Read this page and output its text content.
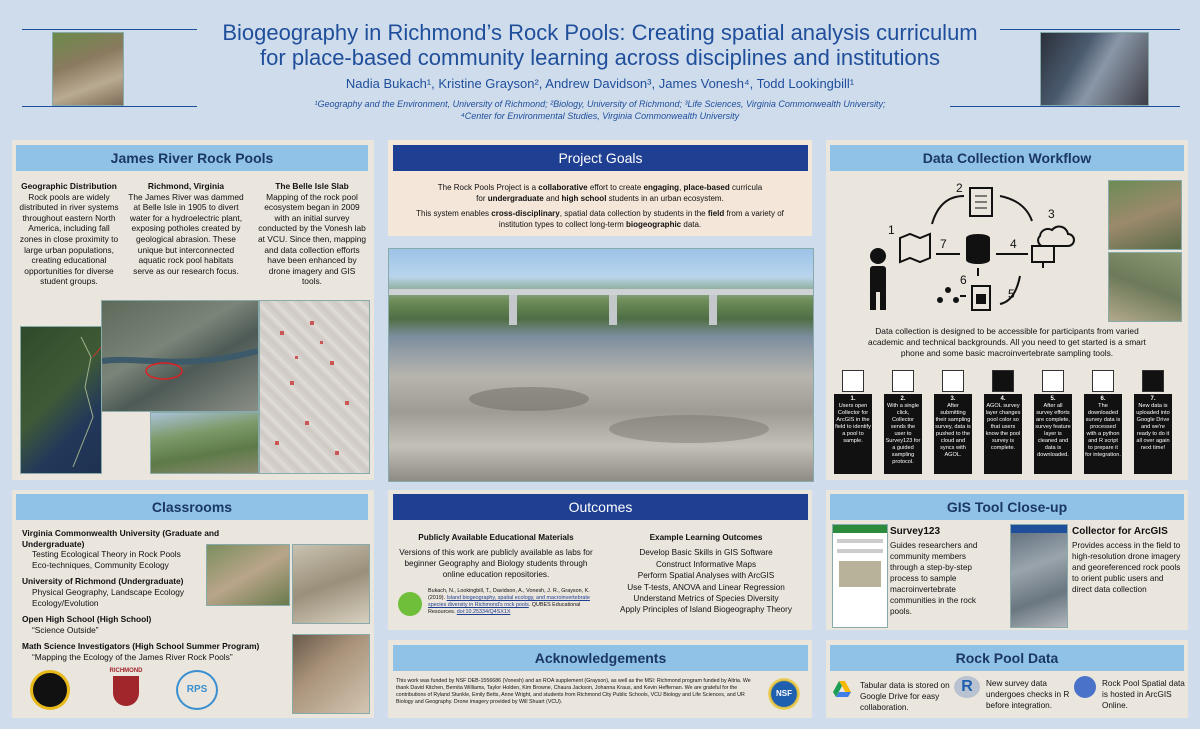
Biogeography in Richmond’s Rock Pools: Creating spatial analysis curriculum
for place-based community learning across disciplines and institutions
Nadia Bukach¹, Kristine Grayson², Andrew Davidson³, James Vonesh⁴, Todd Lookingbill¹
¹Geography and the Environment, University of Richmond; ²Biology, University of Richmond; ³Life Sciences, Virginia Commonwealth University;
⁴Center for Environmental Studies, Virginia Commonwealth University
James River Rock Pools
Geographic Distribution
Rock pools are widely distributed in river systems throughout eastern North America, including fall zones in close proximity to large urban populations, creating educational opportunities for diverse student groups.
Richmond, Virginia
The James River was dammed at Belle Isle in 1905 to divert water for a hydroelectric plant, exposing potholes created by geological abrasion. These unique but interconnected aquatic rock pool habitats serve as our research focus.
The Belle Isle Slab
Mapping of the rock pool ecosystem began in 2009 with an initial survey conducted by the Vonesh lab at VCU. Since then, mapping and data collection efforts have been enhanced by drone imagery and GIS tools.
Project Goals
The Rock Pools Project is a collaborative effort to create engaging, place-based curricula
for undergraduate and high school students in an urban ecosystem.
This system enables cross-disciplinary, spatial data collection by students in the field from a variety of
institution types to collect long-term biogeographic data.
Data Collection Workflow
1
2
3
4
5
6
7
Data collection is designed to be accessible for participants from varied
academic and technical backgrounds. All you need to get started is a smart
phone and some basic macroinvertebrate sampling tools.
1.
Users open Collector for ArcGIS in the field to identify a pool to sample.
2.
With a single click, Collector sends the user to Survey123 for a guided sampling protocol.
3.
After submitting their sampling survey, data is pushed to the cloud and syncs with AGOL.
4.
AGOL survey layer changes pool color so that users know the pool survey is complete.
5.
After all survey efforts are complete, survey feature layer is cleaned and data is downloaded.
6.
The downloaded survey data is processed with a python and R script to prepare it for integration.
7.
New data is uploaded into Google Drive and we're ready to do it all over again next time!
Classrooms
Virginia Commonwealth University (Graduate and Undergraduate)
Testing Ecological Theory in Rock Pools
Eco-techniques, Community Ecology
University of Richmond (Undergraduate)
Physical Geography, Landscape Ecology
Ecology/Evolution
Open High School (High School)
“Science Outside”
Math Science Investigators (High School Summer Program)
“Mapping the Ecology of the James River Rock Pools”
RICHMOND
RPS
Outcomes
Publicly Available Educational Materials
Versions of this work are publicly available as labs for beginner Geography and Biology students through online education repositories.
Bukach, N., Lookingbill, T., Davidson, A., Vonesh, J. R., Grayson, K. (2019). Island biogeography, spatial ecology, and macroinvertebrate species diversity in Richmond's rock pools. QUBES Educational Resources. doi:10.25334/Q4SX1X
Example Learning Outcomes
Develop Basic Skills in GIS Software
Construct Informative Maps
Perform Spatial Analyses with ArcGIS
Use T-tests, ANOVA and Linear Regression
Understand Metrics of Species Diversity
Apply Principles of Island Biogeography Theory
Acknowledgements
This work was funded by NSF DEB-1556686 (Vonesh) and an ROA supplement (Grayson), as well as the MSI: Richmond program funded by Altria. We thank David Kitchen, Bernita Williams, Taylor Holden, Kim Browne, Chaura Jackson, Johanna Kraus, and Kevin Heffernan. We are grateful for the contributions of Ryland Stunkle, Emily Betts, Anne Wright, and students from Richmond City Public Schools, VCU Biology and Life Sciences, and UR Biology and Geography. Drone imagery provided by Will Shuart (VCU).
NSF
GIS Tool Close-up
Survey123
Guides researchers and community members through a step-by-step process to sample macroinvertebrate communities in the rock pools.
Collector for ArcGIS
Provides access in the field to high-resolution drone imagery and georeferenced rock pools to orient public users and direct data collection
Rock Pool Data
Tabular data is stored on Google Drive for easy collaboration.
R	New survey data undergoes checks in R before integration.
Rock Pool Spatial data is hosted in ArcGIS Online.
